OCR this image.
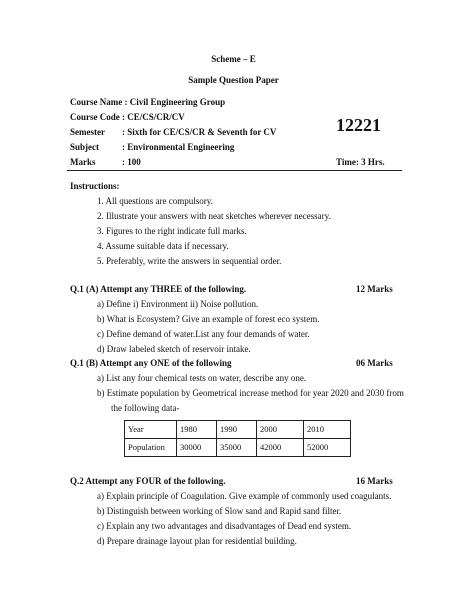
Scheme – E
Sample Question Paper
Course Name : Civil Engineering Group
Course Code : CE/CS/CR/CV
Semester : Sixth for CE/CS/CR & Seventh for CV
Subject	: Environmental Engineering
Marks	: 100
12221
Time: 3 Hrs.
Instructions:
1. All questions are compulsory.
2. Illustrate your answers with neat sketches wherever necessary.
3. Figures to the right indicate full marks.
4. Assume suitable data if necessary.
5. Preferably, write the answers in sequential order.
Q.1 (A) Attempt any THREE of the following.	12 Marks
a) Define i) Environment ii) Noise pollution.
b) What is Ecosystem? Give an example of forest eco system.
c) Define demand of water.List any four demands of water.
d) Draw labeled sketch of reservoir intake.
Q.1 (B) Attempt any ONE of the following	06 Marks
a) List any four chemical tests on water, describe any one.
b) Estimate population by Geometrical increase method for year 2020 and 2030 from
the following data-
Year	1980	1990	2000	2010
Population	30000	35000	42000	52000
Q.2 Attempt any FOUR of the following.	16 Marks
a) Explain principle of Coagulation. Give example of commonly used coagulants.
b) Distinguish between working of Slow sand and Rapid sand filter.
c) Explain any two advantages and disadvantages of Dead end system.
d) Prepare drainage layout plan for residential building.
